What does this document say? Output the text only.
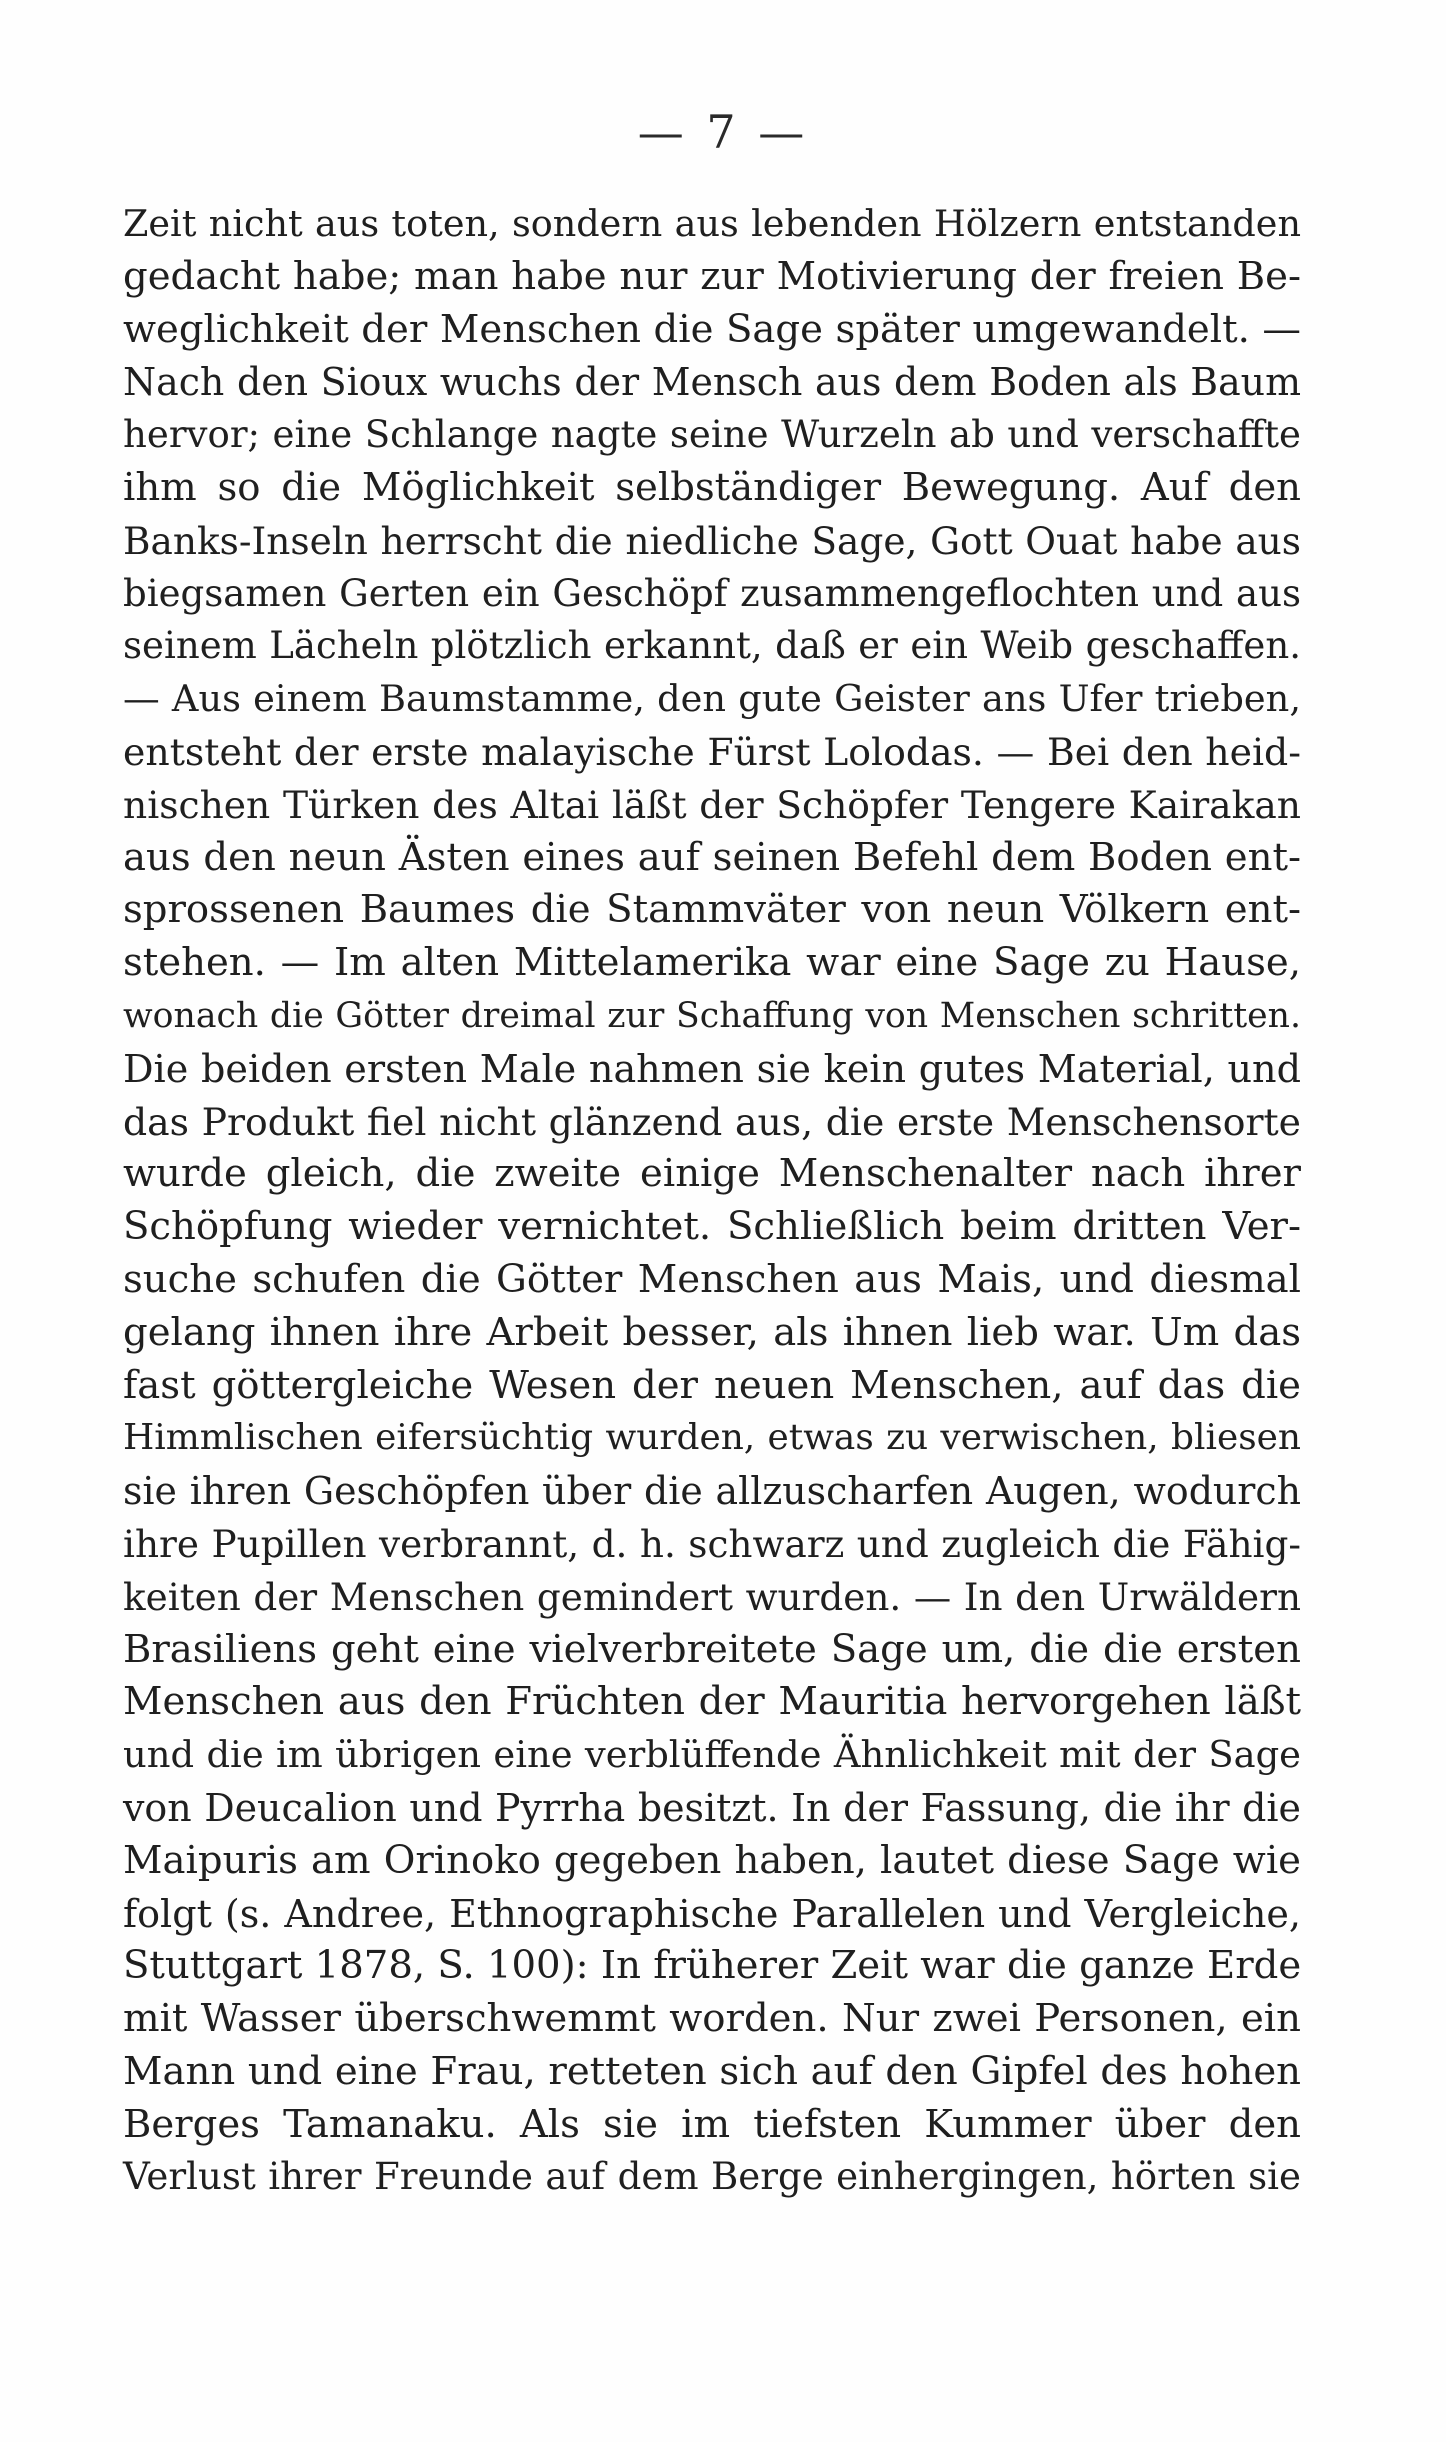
— 7 —
Zeit nicht aus toten, sondern aus lebenden Hölzern entstanden
gedacht habe; man habe nur zur Motivierung der freien Be-
weglichkeit der Menschen die Sage später umgewandelt. —
Nach den Sioux wuchs der Mensch aus dem Boden als Baum
hervor; eine Schlange nagte seine Wurzeln ab und verschaffte
ihm so die Möglichkeit selbständiger Bewegung. Auf den
Banks-Inseln herrscht die niedliche Sage, Gott Ouat habe aus
biegsamen Gerten ein Geschöpf zusammengeflochten und aus
seinem Lächeln plötzlich erkannt, daß er ein Weib geschaffen.
— Aus einem Baumstamme, den gute Geister ans Ufer trieben,
entsteht der erste malayische Fürst Lolodas. — Bei den heid-
nischen Türken des Altai läßt der Schöpfer Tengere Kairakan
aus den neun Ästen eines auf seinen Befehl dem Boden ent-
sprossenen Baumes die Stammväter von neun Völkern ent-
stehen. — Im alten Mittelamerika war eine Sage zu Hause,
wonach die Götter dreimal zur Schaffung von Menschen schritten.
Die beiden ersten Male nahmen sie kein gutes Material, und
das Produkt fiel nicht glänzend aus, die erste Menschensorte
wurde gleich, die zweite einige Menschenalter nach ihrer
Schöpfung wieder vernichtet. Schließlich beim dritten Ver-
suche schufen die Götter Menschen aus Mais, und diesmal
gelang ihnen ihre Arbeit besser, als ihnen lieb war. Um das
fast göttergleiche Wesen der neuen Menschen, auf das die
Himmlischen eifersüchtig wurden, etwas zu verwischen, bliesen
sie ihren Geschöpfen über die allzuscharfen Augen, wodurch
ihre Pupillen verbrannt, d. h. schwarz und zugleich die Fähig-
keiten der Menschen gemindert wurden. — In den Urwäldern
Brasiliens geht eine vielverbreitete Sage um, die die ersten
Menschen aus den Früchten der Mauritia hervorgehen läßt
und die im übrigen eine verblüffende Ähnlichkeit mit der Sage
von Deucalion und Pyrrha besitzt. In der Fassung, die ihr die
Maipuris am Orinoko gegeben haben, lautet diese Sage wie
folgt (s. Andree, Ethnographische Parallelen und Vergleiche,
Stuttgart 1878, S. 100): In früherer Zeit war die ganze Erde
mit Wasser überschwemmt worden. Nur zwei Personen, ein
Mann und eine Frau, retteten sich auf den Gipfel des hohen
Berges Tamanaku. Als sie im tiefsten Kummer über den
Verlust ihrer Freunde auf dem Berge einhergingen, hörten sie
